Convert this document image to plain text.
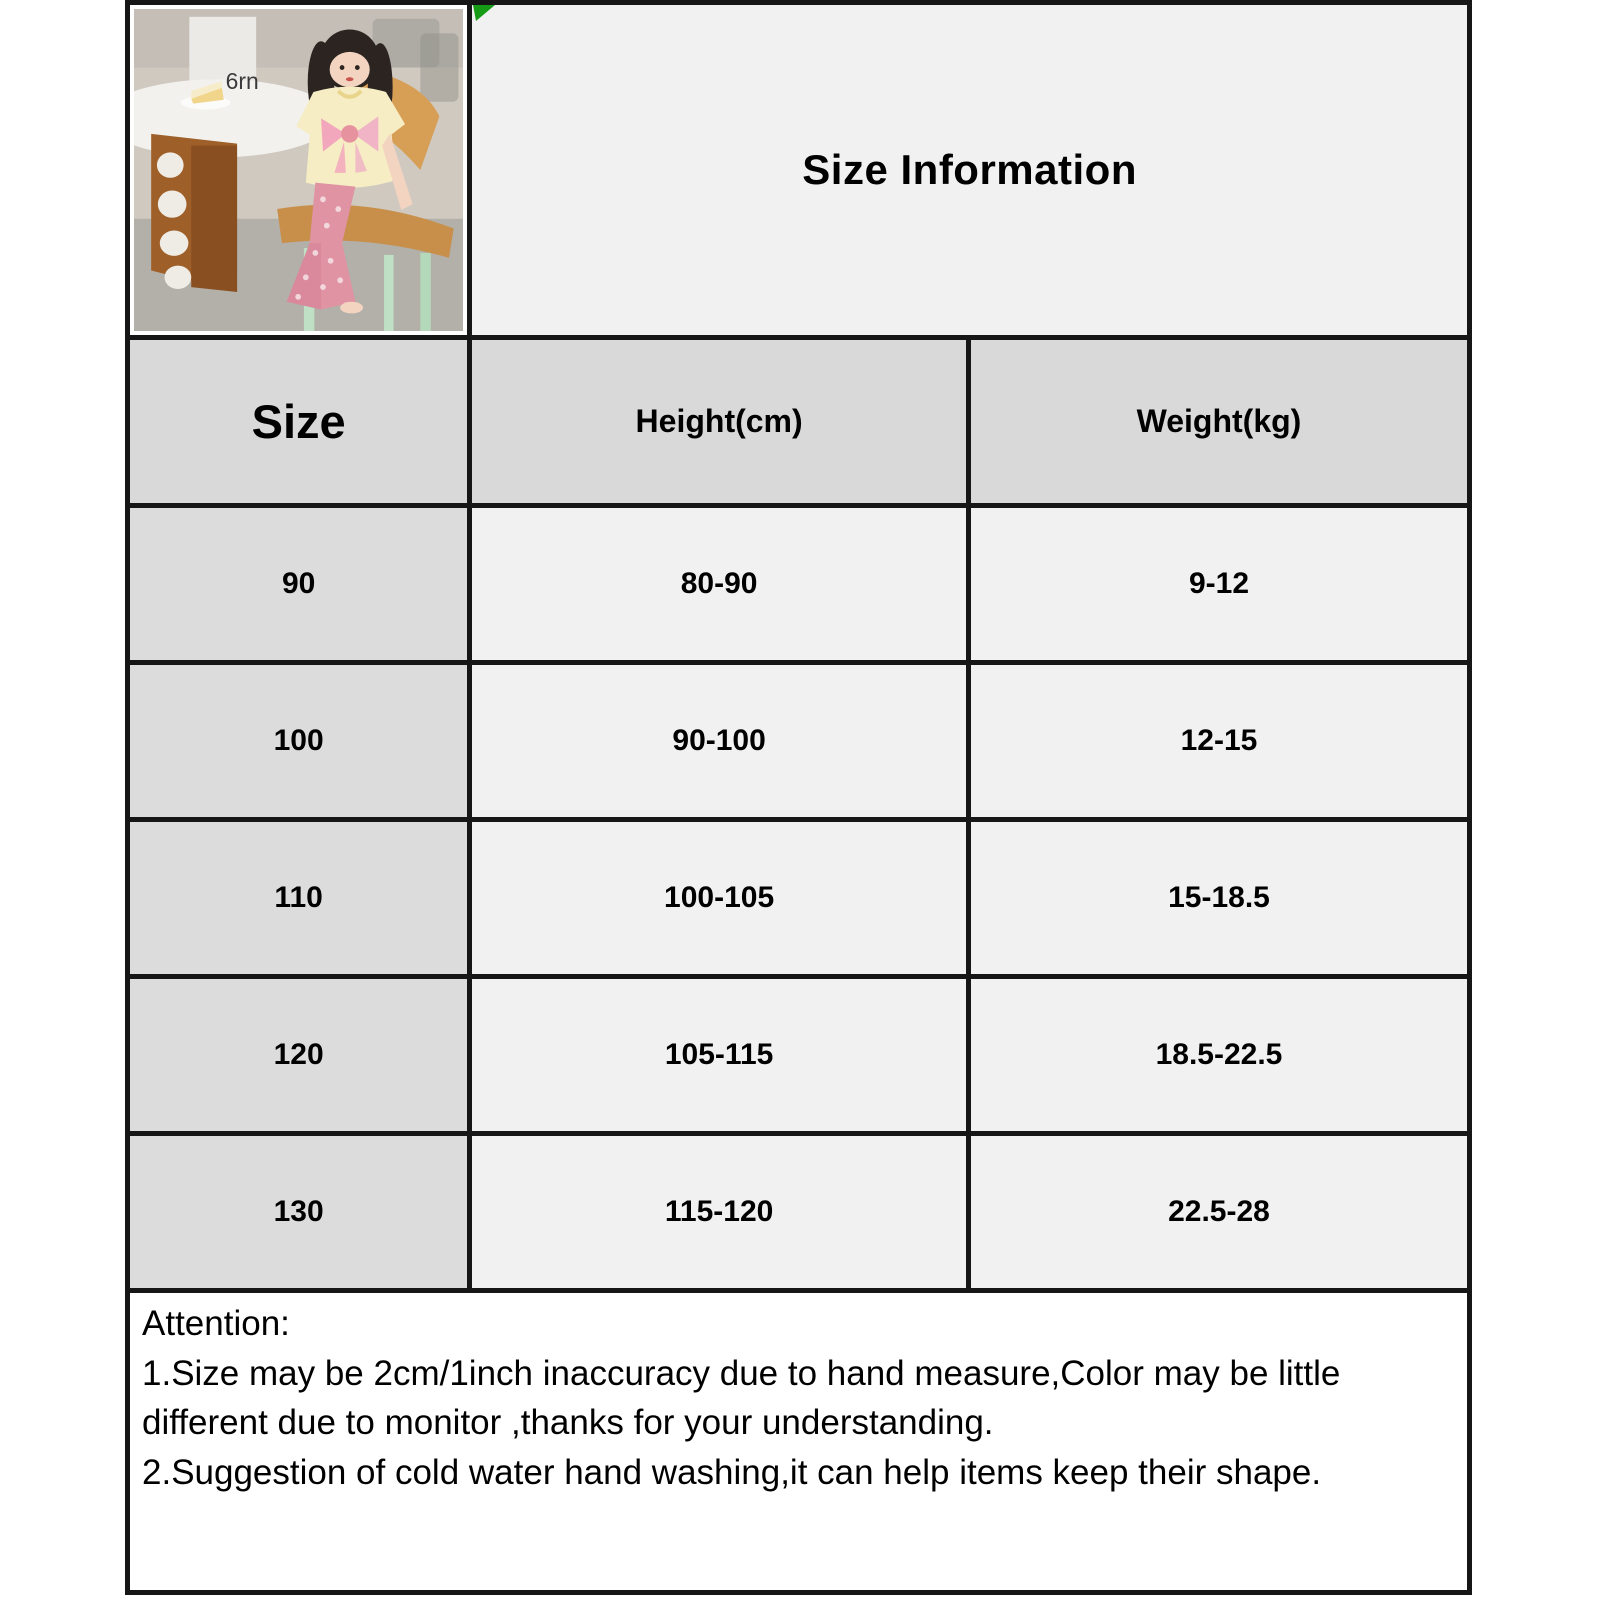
6rn
Size Information
Size	Height(cm)	Weight(kg)
90	80-90	9-12
100	90-100	12-15
110	100-105	15-18.5
120	105-115	18.5-22.5
130	115-120	22.5-28
Attention:
1.Size may be 2cm/1inch inaccuracy due to hand measure,Color may be little
different due to monitor ,thanks for your understanding.
2.Suggestion of cold water hand washing,it can help items keep their shape.
